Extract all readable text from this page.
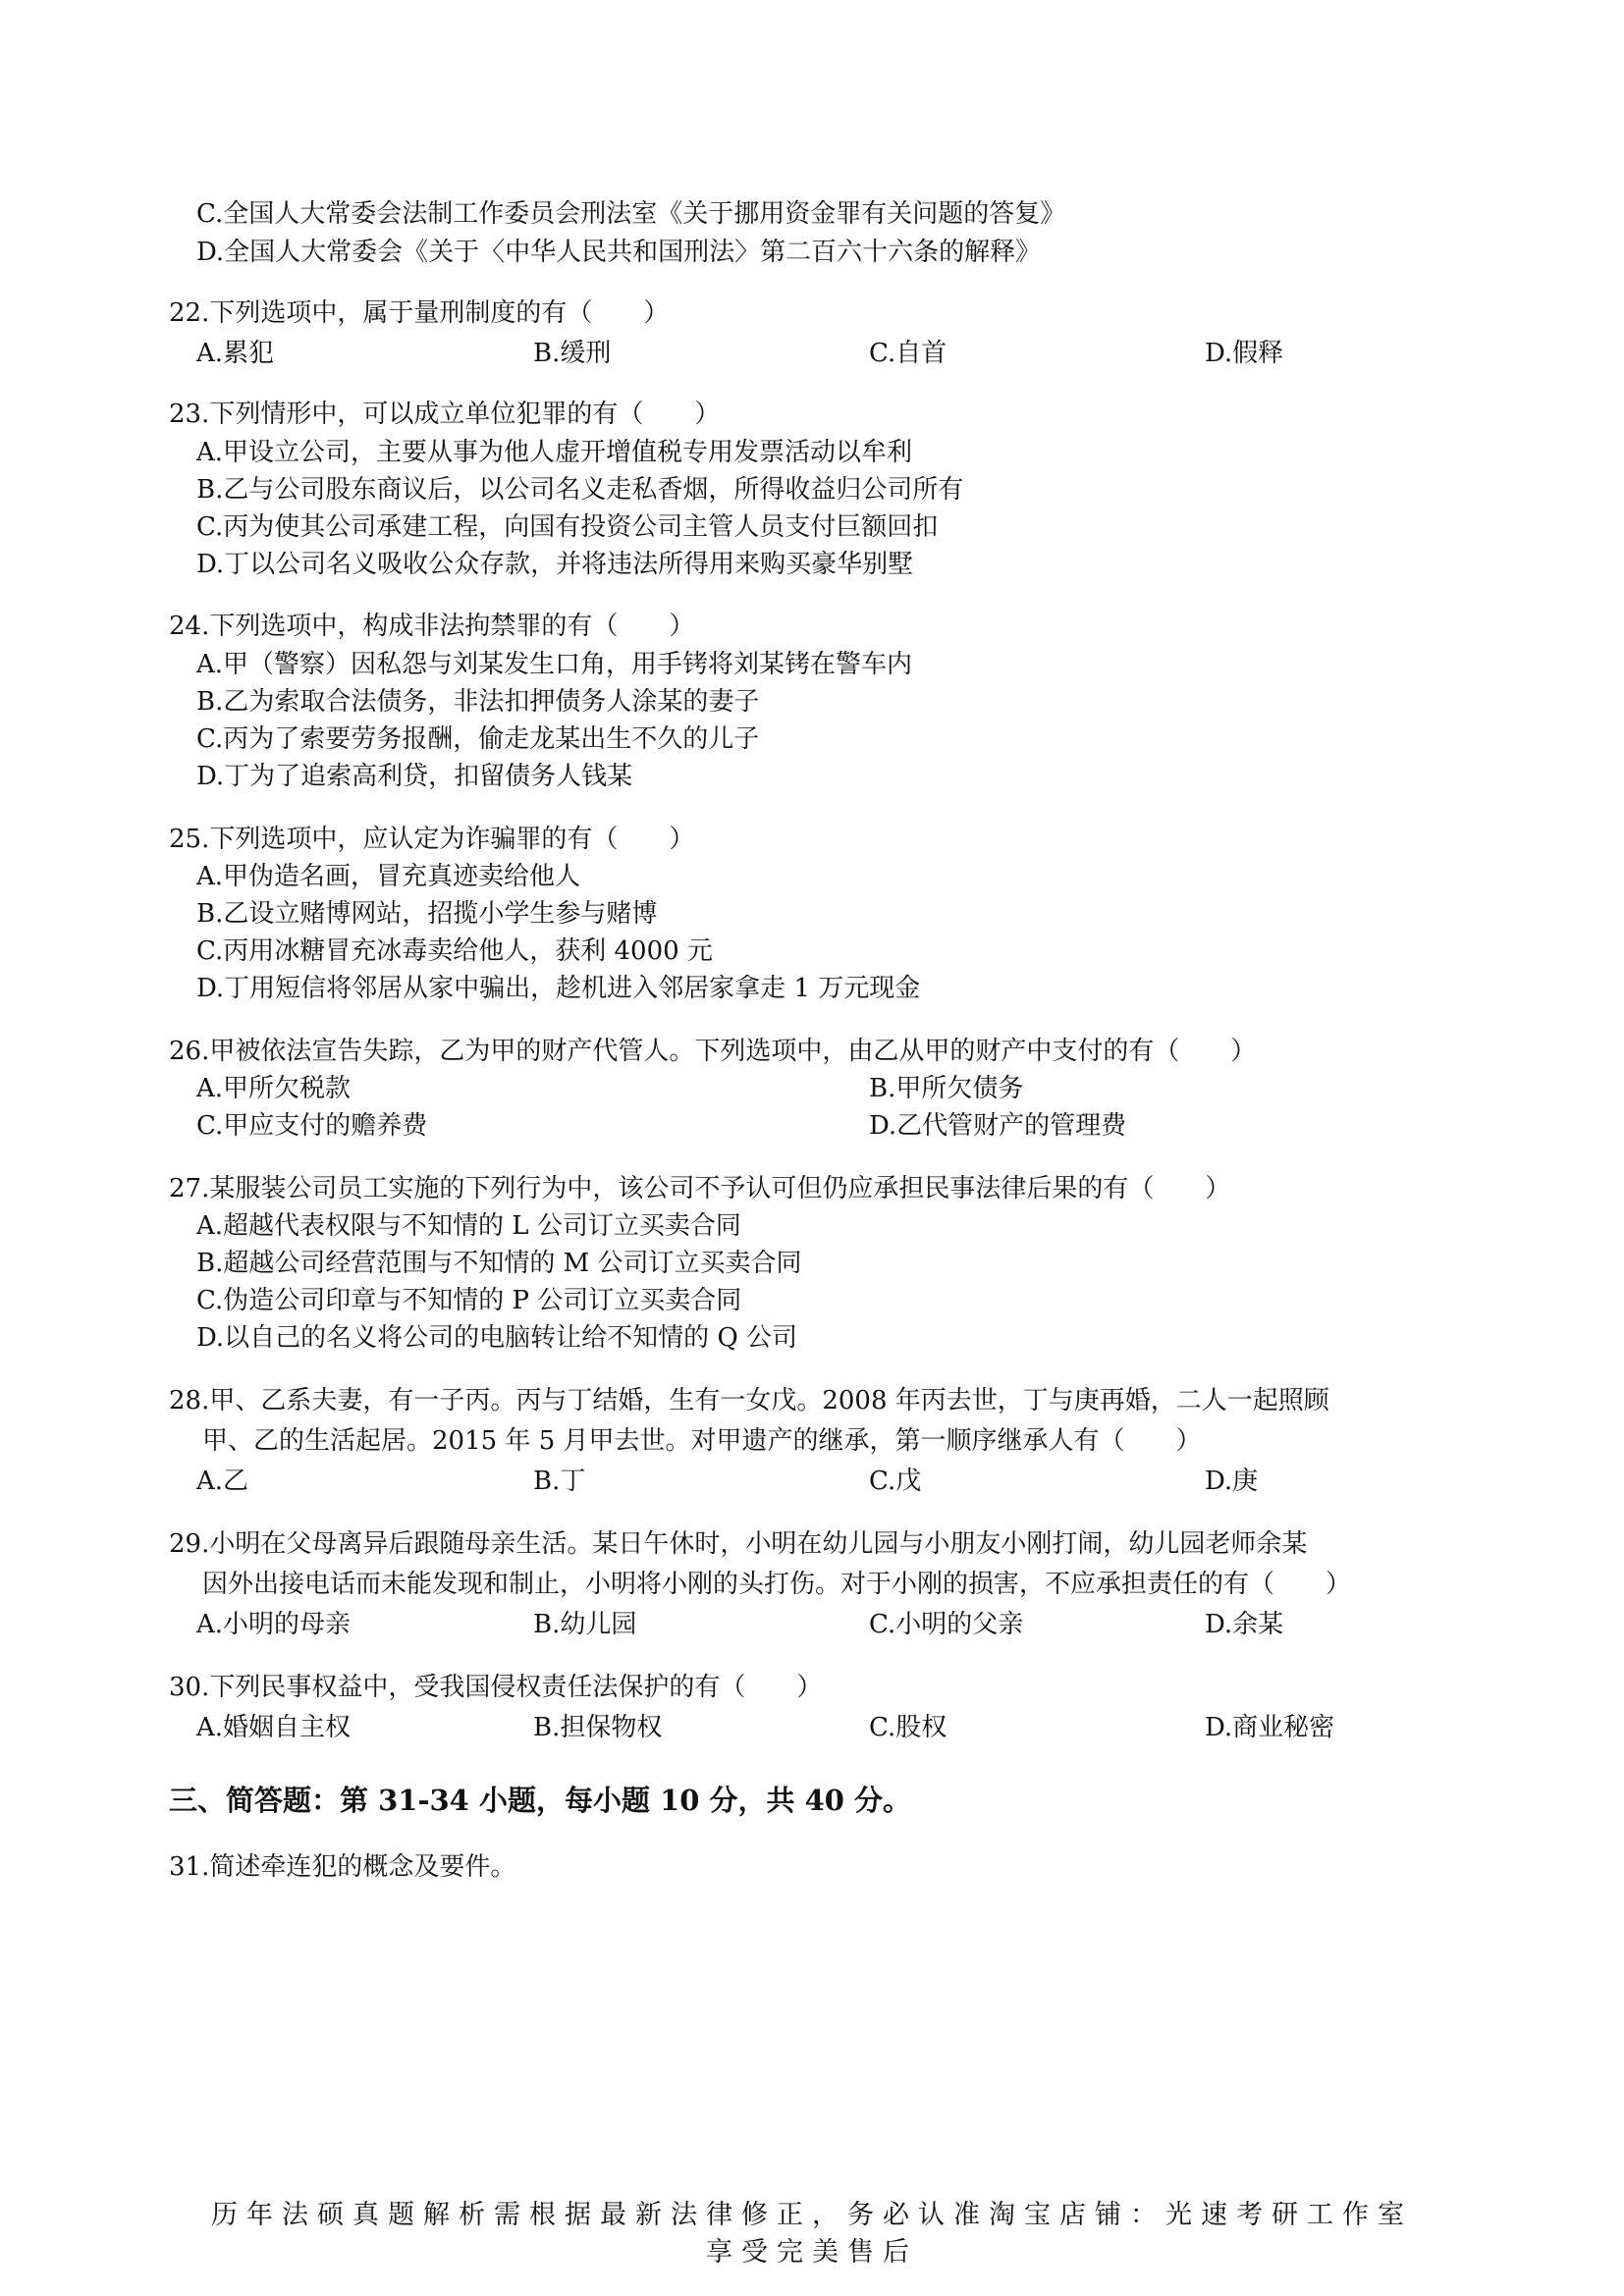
C.全国人大常委会法制工作委员会刑法室《关于挪用资金罪有关问题的答复》
D.全国人大常委会《关于〈中华人民共和国刑法〉第二百六十六条的解释》
22.下列选项中，属于量刑制度的有（　　）
A.累犯	B.缓刑	C.自首	D.假释
23.下列情形中，可以成立单位犯罪的有（　　）
A.甲设立公司，主要从事为他人虚开增值税专用发票活动以牟利
B.乙与公司股东商议后，以公司名义走私香烟，所得收益归公司所有
C.丙为使其公司承建工程，向国有投资公司主管人员支付巨额回扣
D.丁以公司名义吸收公众存款，并将违法所得用来购买豪华别墅
24.下列选项中，构成非法拘禁罪的有（　　）
A.甲（警察）因私怨与刘某发生口角，用手铐将刘某铐在警车内
B.乙为索取合法债务，非法扣押债务人涂某的妻子
C.丙为了索要劳务报酬，偷走龙某出生不久的儿子
D.丁为了追索高利贷，扣留债务人钱某
25.下列选项中，应认定为诈骗罪的有（　　）
A.甲伪造名画，冒充真迹卖给他人
B.乙设立赌博网站，招揽小学生参与赌博
C.丙用冰糖冒充冰毒卖给他人，获利 4000 元
D.丁用短信将邻居从家中骗出，趁机进入邻居家拿走 1 万元现金
26.甲被依法宣告失踪，乙为甲的财产代管人。下列选项中，由乙从甲的财产中支付的有（　　）
A.甲所欠税款	B.甲所欠债务
C.甲应支付的赡养费	D.乙代管财产的管理费
27.某服装公司员工实施的下列行为中，该公司不予认可但仍应承担民事法律后果的有（　　）
A.超越代表权限与不知情的 L 公司订立买卖合同
B.超越公司经营范围与不知情的 M 公司订立买卖合同
C.伪造公司印章与不知情的 P 公司订立买卖合同
D.以自己的名义将公司的电脑转让给不知情的 Q 公司
28.甲、乙系夫妻，有一子丙。丙与丁结婚，生有一女戊。2008 年丙去世，丁与庚再婚，二人一起照顾
甲、乙的生活起居。2015 年 5 月甲去世。对甲遗产的继承，第一顺序继承人有（　　）
A.乙	B.丁	C.戊	D.庚
29.小明在父母离异后跟随母亲生活。某日午休时，小明在幼儿园与小朋友小刚打闹，幼儿园老师余某
因外出接电话而未能发现和制止，小明将小刚的头打伤。对于小刚的损害，不应承担责任的有（　　）
A.小明的母亲	B.幼儿园	C.小明的父亲	D.余某
30.下列民事权益中，受我国侵权责任法保护的有（　　）
A.婚姻自主权	B.担保物权	C.股权	D.商业秘密
三、简答题：第 31-34 小题，每小题 10 分，共 40 分。
31.简述牵连犯的概念及要件。
历年法硕真题解析需根据最新法律修正，务必认准淘宝店铺：光速考研工作室
享受完美售后
